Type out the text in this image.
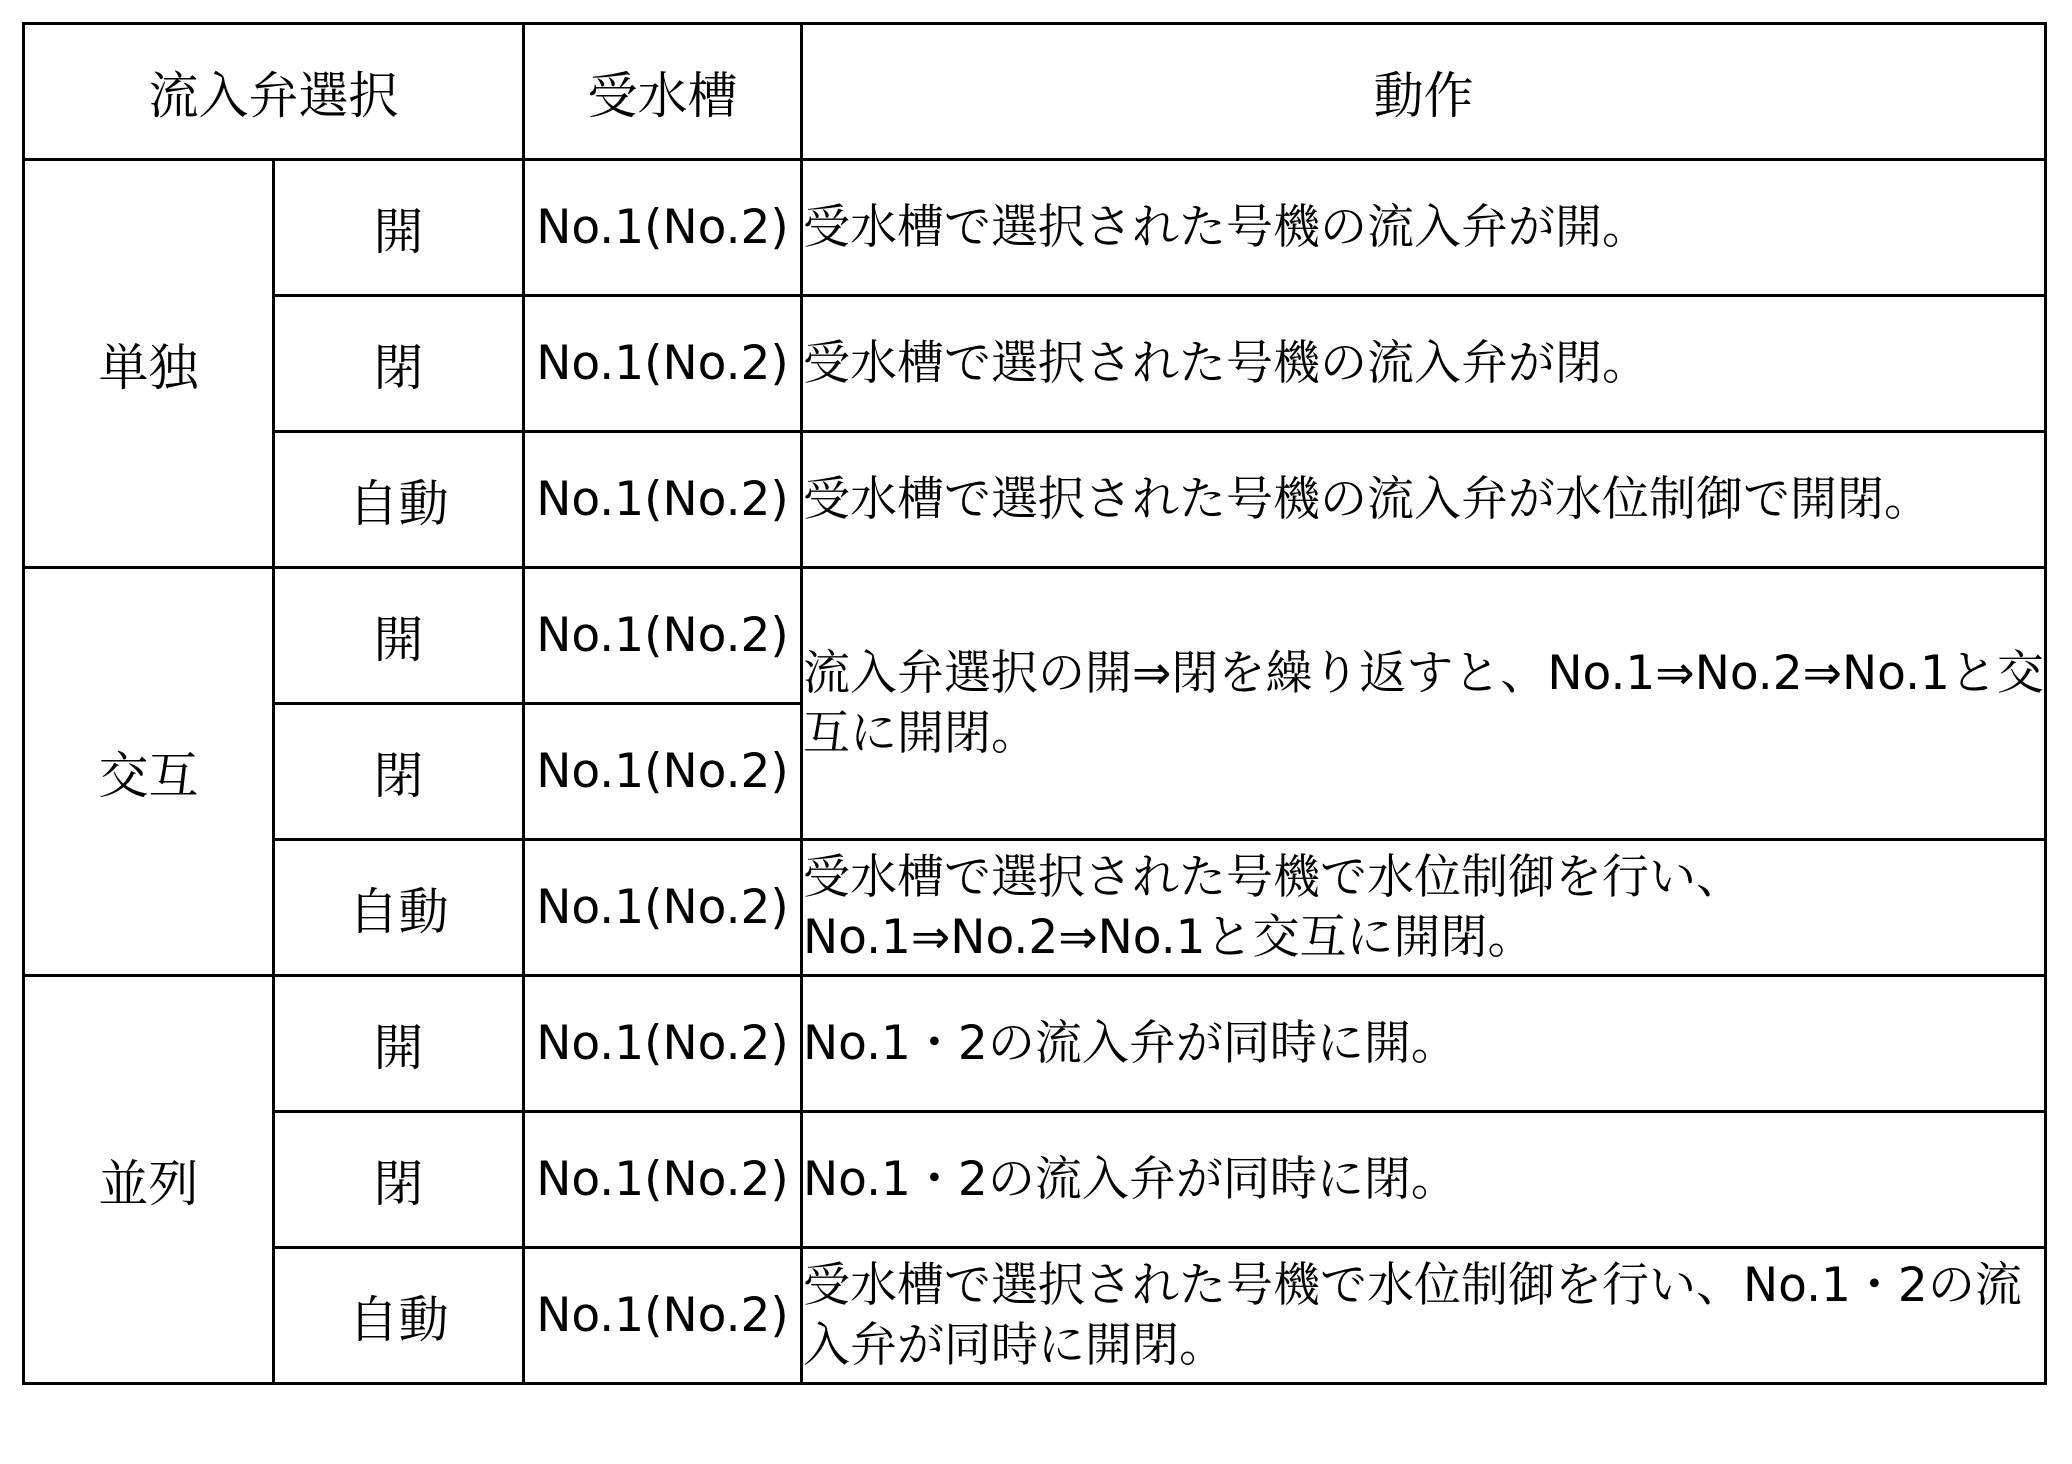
流入弁選択		受水槽	動作
単独	開	No.1(No.2)	受水槽で選択された号機の流入弁が開。

	閉	No.1(No.2)	受水槽で選択された号機の流入弁が閉。

	自動	No.1(No.2)	受水槽で選択された号機の流入弁が水位制御で開閉。

交互	開	No.1(No.2)	流入弁選択の開⇒閉を繰り返すと、No.1⇒No.2⇒No.1と交互に開閉。

	閉	No.1(No.2)	
	自動	No.1(No.2)	受水槽で選択された号機で水位制御を行い、No.1⇒No.2⇒No.1と交互に開閉。

並列	開	No.1(No.2)	No.1・2の流入弁が同時に開。

	閉	No.1(No.2)	No.1・2の流入弁が同時に閉。

	自動	No.1(No.2)	受水槽で選択された号機で水位制御を行い、No.1・2の流入弁が同時に開閉。
